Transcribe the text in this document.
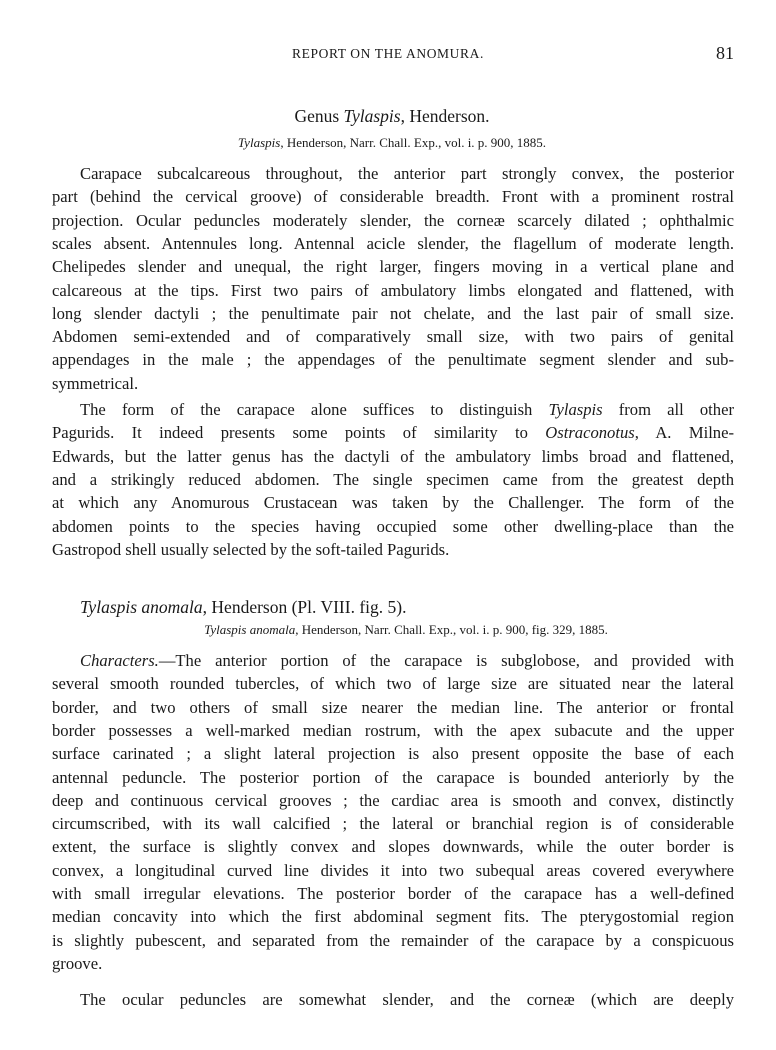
REPORT ON THE ANOMURA.	81
Genus Tylaspis, Henderson.
Tylaspis, Henderson, Narr. Chall. Exp., vol. i. p. 900, 1885.
Carapace subcalcareous throughout, the anterior part strongly convex, the posterior
part (behind the cervical groove) of considerable breadth. Front with a prominent rostral
projection. Ocular peduncles moderately slender, the corneæ scarcely dilated ; ophthalmic
scales absent. Antennules long. Antennal acicle slender, the flagellum of moderate length.
Chelipedes slender and unequal, the right larger, fingers moving in a vertical plane and
calcareous at the tips. First two pairs of ambulatory limbs elongated and flattened, with
long slender dactyli ; the penultimate pair not chelate, and the last pair of small size.
Abdomen semi-extended and of comparatively small size, with two pairs of genital
appendages in the male ; the appendages of the penultimate segment slender and sub-
symmetrical.
The form of the carapace alone suffices to distinguish Tylaspis from all other
Pagurids. It indeed presents some points of similarity to Ostraconotus, A. Milne-
Edwards, but the latter genus has the dactyli of the ambulatory limbs broad and flattened,
and a strikingly reduced abdomen. The single specimen came from the greatest depth
at which any Anomurous Crustacean was taken by the Challenger. The form of the
abdomen points to the species having occupied some other dwelling-place than the
Gastropod shell usually selected by the soft-tailed Pagurids.
Tylaspis anomala, Henderson (Pl. VIII. fig. 5).
Tylaspis anomala, Henderson, Narr. Chall. Exp., vol. i. p. 900, fig. 329, 1885.
Characters.—The anterior portion of the carapace is subglobose, and provided with
several smooth rounded tubercles, of which two of large size are situated near the lateral
border, and two others of small size nearer the median line. The anterior or frontal
border possesses a well-marked median rostrum, with the apex subacute and the upper
surface carinated ; a slight lateral projection is also present opposite the base of each
antennal peduncle. The posterior portion of the carapace is bounded anteriorly by the
deep and continuous cervical grooves ; the cardiac area is smooth and convex, distinctly
circumscribed, with its wall calcified ; the lateral or branchial region is of considerable
extent, the surface is slightly convex and slopes downwards, while the outer border is
convex, a longitudinal curved line divides it into two subequal areas covered everywhere
with small irregular elevations. The posterior border of the carapace has a well-defined
median concavity into which the first abdominal segment fits. The pterygostomial region
is slightly pubescent, and separated from the remainder of the carapace by a conspicuous
groove.
The ocular peduncles are somewhat slender, and the corneæ (which are deeply
